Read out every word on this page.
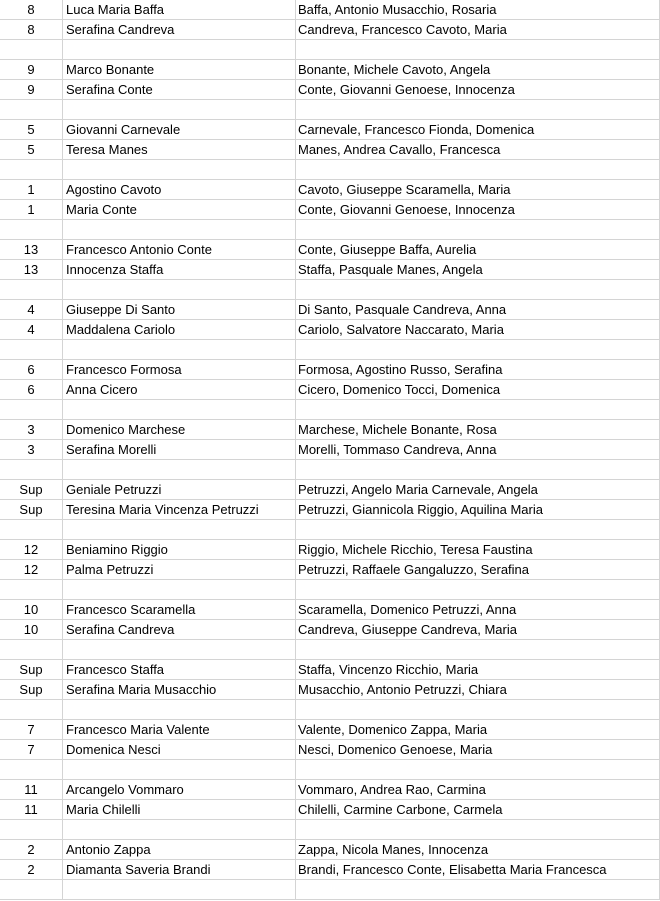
8	Luca Maria Baffa	Baffa, Antonio Musacchio, Rosaria
8	Serafina Candreva	Candreva, Francesco Cavoto, Maria
9	Marco Bonante	Bonante, Michele Cavoto, Angela
9	Serafina Conte	Conte, Giovanni Genoese, Innocenza
5	Giovanni Carnevale	Carnevale, Francesco Fionda, Domenica
5	Teresa Manes	Manes, Andrea Cavallo, Francesca
1	Agostino Cavoto	Cavoto, Giuseppe Scaramella, Maria
1	Maria Conte	Conte, Giovanni Genoese, Innocenza
13	Francesco Antonio Conte	Conte, Giuseppe Baffa, Aurelia
13	Innocenza Staffa	Staffa, Pasquale Manes, Angela
4	Giuseppe Di Santo	Di Santo, Pasquale Candreva, Anna
4	Maddalena Cariolo	Cariolo, Salvatore Naccarato, Maria
6	Francesco Formosa	Formosa, Agostino Russo, Serafina
6	Anna Cicero	Cicero, Domenico Tocci, Domenica
3	Domenico Marchese	Marchese, Michele Bonante, Rosa
3	Serafina Morelli	Morelli, Tommaso Candreva, Anna
Sup	Geniale Petruzzi	Petruzzi, Angelo Maria Carnevale, Angela
Sup	Teresina Maria Vincenza Petruzzi	Petruzzi, Giannicola Riggio, Aquilina Maria
12	Beniamino Riggio	Riggio, Michele Ricchio, Teresa Faustina
12	Palma Petruzzi	Petruzzi, Raffaele Gangaluzzo, Serafina
10	Francesco Scaramella	Scaramella, Domenico Petruzzi, Anna
10	Serafina Candreva	Candreva, Giuseppe Candreva, Maria
Sup	Francesco Staffa	Staffa, Vincenzo Ricchio, Maria
Sup	Serafina Maria Musacchio	Musacchio, Antonio Petruzzi, Chiara
7	Francesco Maria Valente	Valente, Domenico Zappa, Maria
7	Domenica Nesci	Nesci, Domenico Genoese, Maria
11	Arcangelo Vommaro	Vommaro, Andrea Rao, Carmina
11	Maria Chilelli	Chilelli, Carmine Carbone, Carmela
2	Antonio Zappa	Zappa, Nicola Manes, Innocenza
2	Diamanta Saveria Brandi	Brandi, Francesco Conte, Elisabetta Maria Francesca
